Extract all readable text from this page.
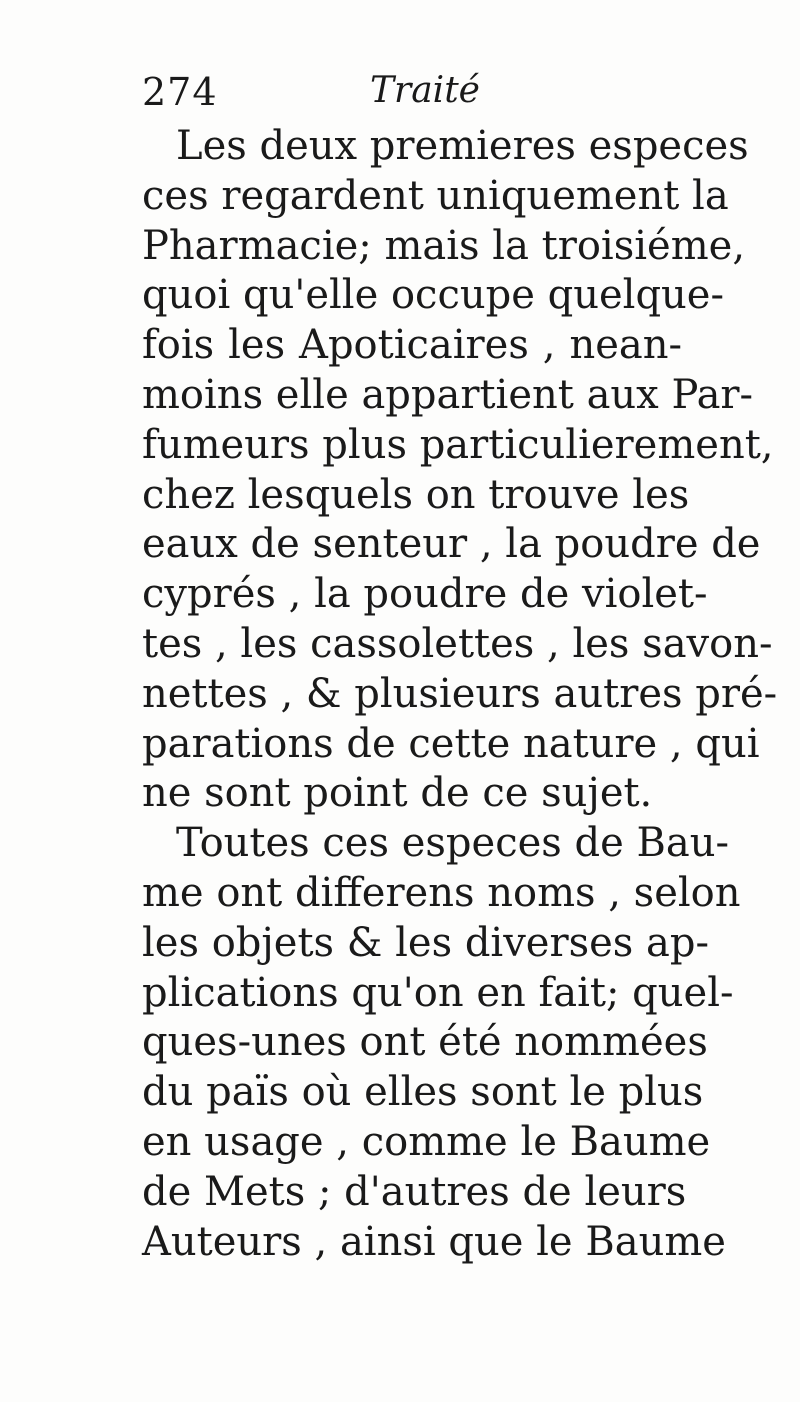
274	Traité
Les deux premieres especes
ces regardent uniquement la
Pharmacie; mais la troisiéme,
quoi qu'elle occupe quelque-
fois les Apoticaires , nean-
moins elle appartient aux Par-
fumeurs plus particulierement,
chez lesquels on trouve les
eaux de senteur , la poudre de
cyprés , la poudre de violet-
tes , les cassolettes , les savon-
nettes , & plusieurs autres pré-
parations de cette nature , qui
ne sont point de ce sujet.
Toutes ces especes de Bau-
me ont differens noms , selon
les objets & les diverses ap-
plications qu'on en fait; quel-
ques-unes ont été nommées
du païs où elles sont le plus
en usage , comme le Baume
de Mets ; d'autres de leurs
Auteurs , ainsi que le Baume
